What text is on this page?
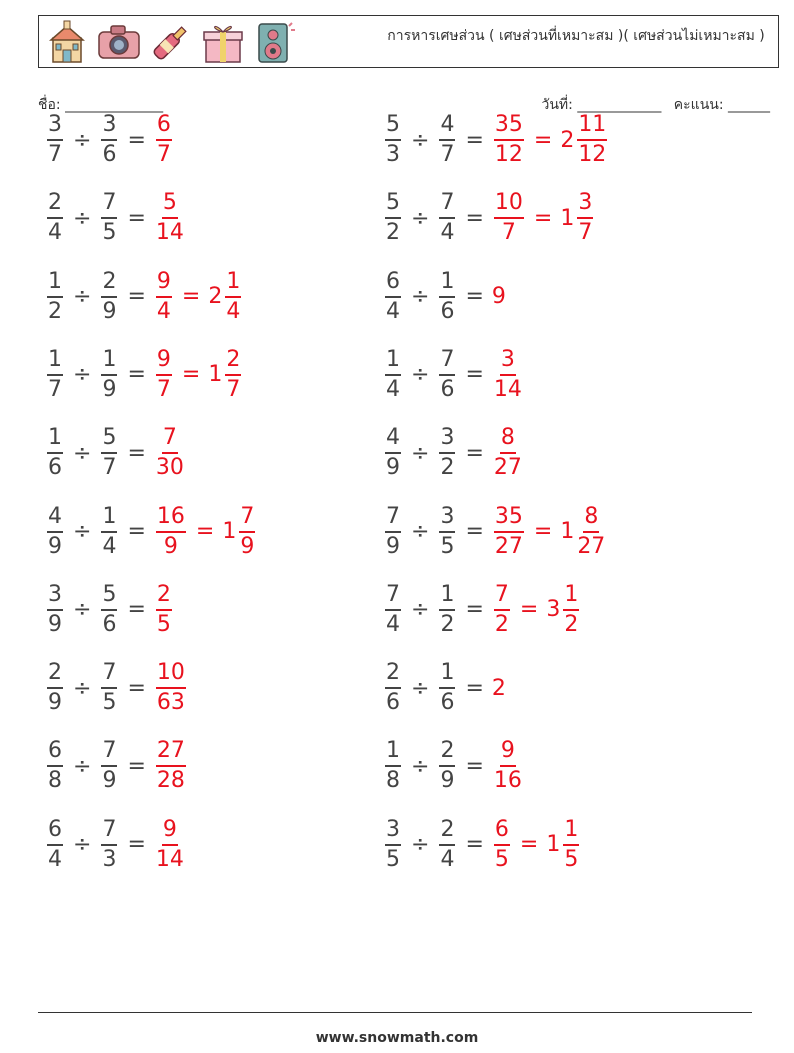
การหารเศษส่วน ( เศษส่วนที่เหมาะสม )( เศษส่วนไม่เหมาะสม )
ชื่อ: ______________	วันที่: ____________ คะแนน: ______
$\frac{3}{7} \div \frac{3}{6} = \frac{6}{7}$	$\frac{5}{3} \div \frac{4}{7} = \frac{35}{12} = 2 \frac{11}{12}$
$\frac{2}{4} \div \frac{7}{5} = \frac{5}{14}$	$\frac{5}{2} \div \frac{7}{4} = \frac{10}{7} = 1 \frac{3}{7}$
$\frac{1}{2} \div \frac{2}{9} = \frac{9}{4} = 2 \frac{1}{4}$	$\frac{6}{4} \div \frac{1}{6} = 9$
$\frac{1}{7} \div \frac{1}{9} = \frac{9}{7} = 1 \frac{2}{7}$	$\frac{1}{4} \div \frac{7}{6} = \frac{3}{14}$
$\frac{1}{6} \div \frac{5}{7} = \frac{7}{30}$	$\frac{4}{9} \div \frac{3}{2} = \frac{8}{27}$
$\frac{4}{9} \div \frac{1}{4} = \frac{16}{9} = 1 \frac{7}{9}$	$\frac{7}{9} \div \frac{3}{5} = \frac{35}{27} = 1 \frac{8}{27}$
$\frac{3}{9} \div \frac{5}{6} = \frac{2}{5}$	$\frac{7}{4} \div \frac{1}{2} = \frac{7}{2} = 3 \frac{1}{2}$
$\frac{2}{9} \div \frac{7}{5} = \frac{10}{63}$	$\frac{2}{6} \div \frac{1}{6} = 2$
$\frac{6}{8} \div \frac{7}{9} = \frac{27}{28}$	$\frac{1}{8} \div \frac{2}{9} = \frac{9}{16}$
$\frac{6}{4} \div \frac{7}{3} = \frac{9}{14}$	$\frac{3}{5} \div \frac{2}{4} = \frac{6}{5} = 1 \frac{1}{5}$
www.snowmath.com
